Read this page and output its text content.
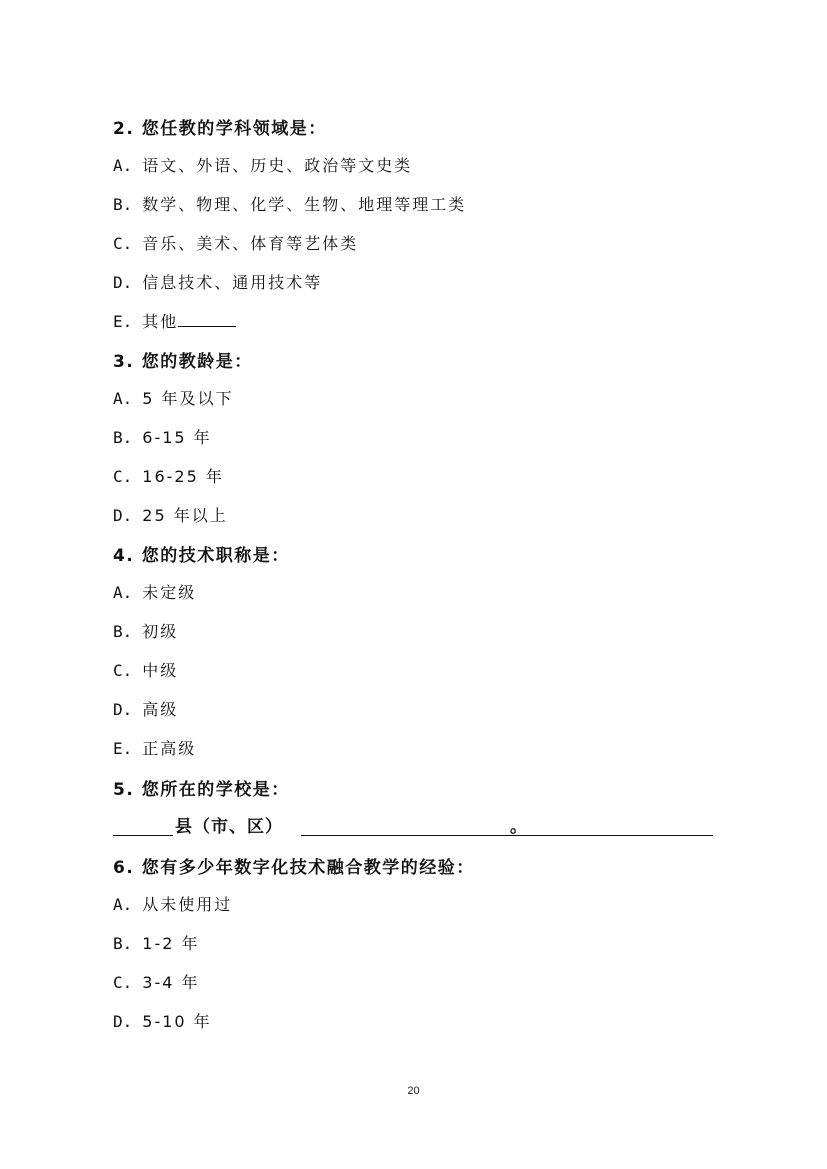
2. 您任教的学科领域是：
A. 语文、外语、历史、政治等文史类
B. 数学、物理、化学、生物、地理等理工类
C. 音乐、美术、体育等艺体类
D. 信息技术、通用技术等
E. 其他
3. 您的教龄是：
A. 5 年及以下
B. 6-15 年
C. 16-25 年
D. 25 年以上
4. 您的技术职称是：
A. 未定级
B. 初级
C. 中级
D. 高级
E. 正高级
5. 您所在的学校是：
县（市、区）	。
6. 您有多少年数字化技术融合教学的经验：
A. 从未使用过
B. 1-2 年
C. 3-4 年
D. 5-10 年
20
